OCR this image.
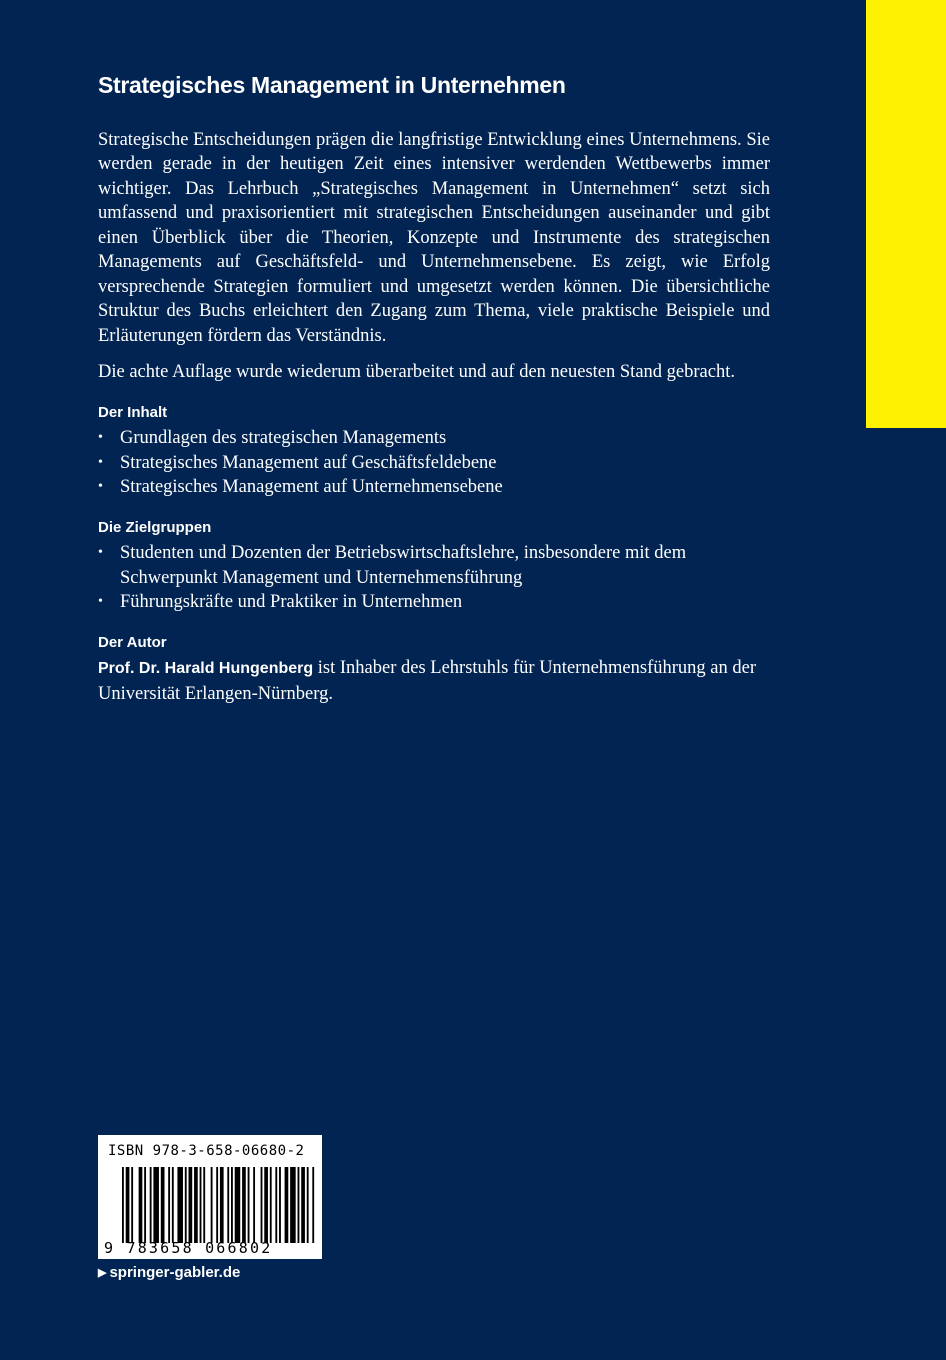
Strategisches Management in Unternehmen

Strategische Entscheidungen prägen die langfristige Entwicklung eines Unternehmens. Sie werden gerade in der heutigen Zeit eines intensiver werdenden Wettbewerbs immer wichtiger. Das Lehrbuch „Strategisches Management in Unternehmen“ setzt sich umfassend und praxisorientiert mit strategischen Entscheidungen auseinander und gibt einen Überblick über die Theorien, Konzepte und Instrumente des strategischen Managements auf Geschäftsfeld- und Unternehmensebene. Es zeigt, wie Erfolg versprechende Strategien formuliert und umgesetzt werden können. Die übersichtliche Struktur des Buchs erleichtert den Zugang zum Thema, viele praktische Beispiele und Erläuterungen fördern das Verständnis.

Die achte Auflage wurde wiederum überarbeitet und auf den neuesten Stand gebracht.

Der Inhalt
• Grundlagen des strategischen Managements
• Strategisches Management auf Geschäftsfeldebene
• Strategisches Management auf Unternehmensebene
Die Zielgruppen
• Studenten und Dozenten der Betriebswirtschaftslehre, insbesondere mit dem Schwerpunkt Management und Unternehmensführung
• Führungskräfte und Praktiker in Unternehmen
Der Autor

Prof. Dr. Harald Hungenberg ist Inhaber des Lehrstuhls für Unternehmensführung an der Universität Erlangen-Nürnberg.

ISBN 978-3-658-06680-2
9 783658 066802
▶ springer-gabler.de
